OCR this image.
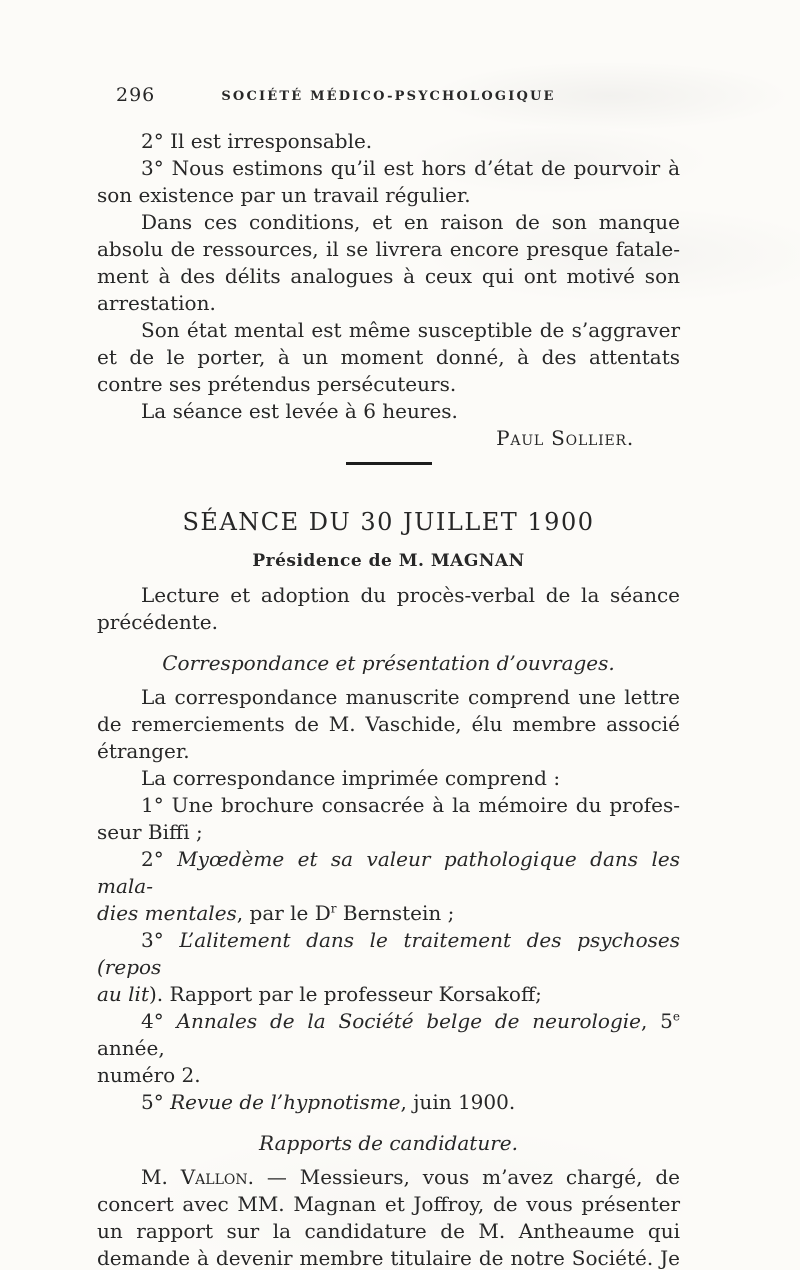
296	SOCIÉTÉ MÉDICO-PSYCHOLOGIQUE
2° Il est irresponsable.
3° Nous estimons qu’il est hors d’état de pourvoir à
son existence par un travail régulier.
Dans ces conditions, et en raison de son manque
absolu de ressources, il se livrera encore presque fatale-
ment à des délits analogues à ceux qui ont motivé son
arrestation.
Son état mental est même susceptible de s’aggraver
et de le porter, à un moment donné, à des attentats
contre ses prétendus persécuteurs.
La séance est levée à 6 heures.
Paul Sollier.
SÉANCE DU 30 JUILLET 1900
Présidence de M. MAGNAN
Lecture et adoption du procès-verbal de la séance
précédente.
Correspondance et présentation d’ouvrages.
La correspondance manuscrite comprend une lettre
de remerciements de M. Vaschide, élu membre associé
étranger.
La correspondance imprimée comprend :
1° Une brochure consacrée à la mémoire du profes-
seur Biffi ;
2° Myœdème et sa valeur pathologique dans les mala-
dies mentales, par le $D^r$ Bernstein ;
3° L’alitement dans le traitement des psychoses (repos
au lit). Rapport par le professeur Korsakoff;
4° Annales de la Société belge de neurologie, 5e année,
numéro 2.
5° Revue de l’hypnotisme, juin 1900.
Rapports de candidature.
M. Vallon. — Messieurs, vous m’avez chargé, de
concert avec MM. Magnan et Joffroy, de vous présenter
un rapport sur la candidature de M. Antheaume qui
demande à devenir membre titulaire de notre Société. Je
